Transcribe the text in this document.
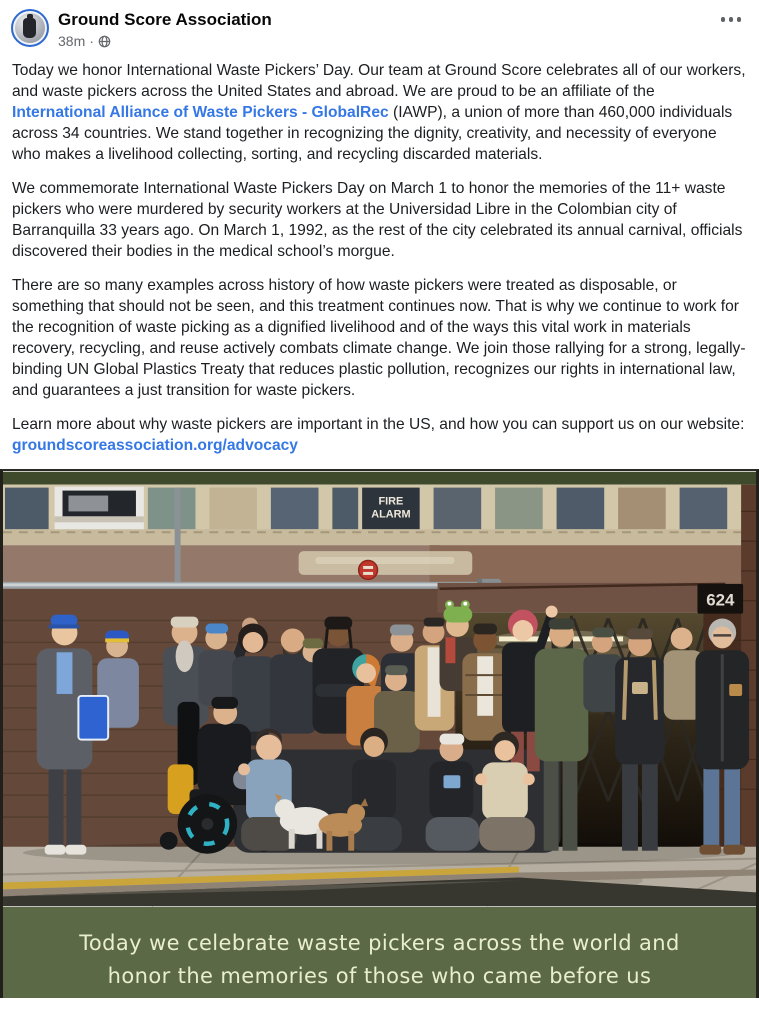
Ground Score Association
38m ·

Today we honor International Waste Pickers’ Day. Our team at Ground Score celebrates all of our workers, and waste pickers across the United States and abroad. We are proud to be an affiliate of the International Alliance of Waste Pickers - GlobalRec (IAWP), a union of more than 460,000 individuals across 34 countries. We stand together in recognizing the dignity, creativity, and necessity of everyone who makes a livelihood collecting, sorting, and recycling discarded materials.

We commemorate International Waste Pickers Day on March 1 to honor the memories of the 11+ waste pickers who were murdered by security workers at the Universidad Libre in the Colombian city of Barranquilla 33 years ago. On March 1, 1992, as the rest of the city celebrated its annual carnival, officials discovered their bodies in the medical school’s morgue.

There are so many examples across history of how waste pickers were treated as disposable, or something that should not be seen, and this treatment continues now. That is why we continue to work for the recognition of waste picking as a dignified livelihood and of the ways this vital work in materials recovery, recycling, and reuse actively combats climate change. We join those rallying for a strong, legally-binding UN Global Plastics Treaty that reduces plastic pollution, recognizes our rights in international law, and guarantees a just transition for waste pickers.

Learn more about why waste pickers are important in the US, and how you can support us on our website: groundscoreassociation.org/advocacy

FIRE
ALARM
624
Today we celebrate waste pickers across the world and
honor the memories of those who came before us
